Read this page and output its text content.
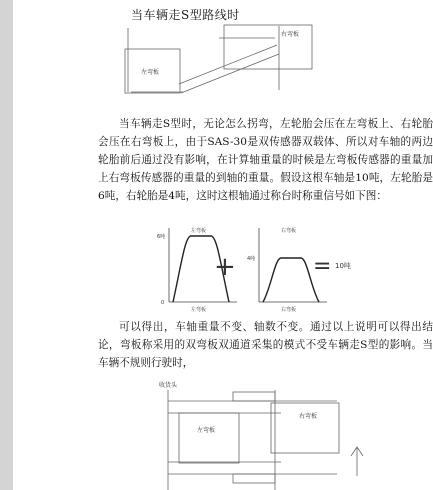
当车辆走S型路线时
左弯板
右弯板

当车辆走S型时，无论怎么拐弯，左轮胎会压在左弯板上、右轮胎会压在右弯板上，由于SAS-30是双传感器双载体、所以对车轴的两边轮胎前后通过没有影响，在计算轴重量的时候是左弯板传感器的重量加上右弯板传感器的重量的到轴的重量。假设这根车轴是10吨，左轮胎是6吨，右轮胎是4吨，这时这根轴通过称台时称重信号如下图：

左弯板
左弯板
6吨
右弯板
右弯板
4吨
0
+	= 10吨

可以得出，车轴重量不变、轴数不变。通过以上说明可以得出结论，弯板称采用的双弯板双通道采集的模式不受车辆走S型的影响。当车辆不规则行驶时，

收货头
左弯板
右弯板
